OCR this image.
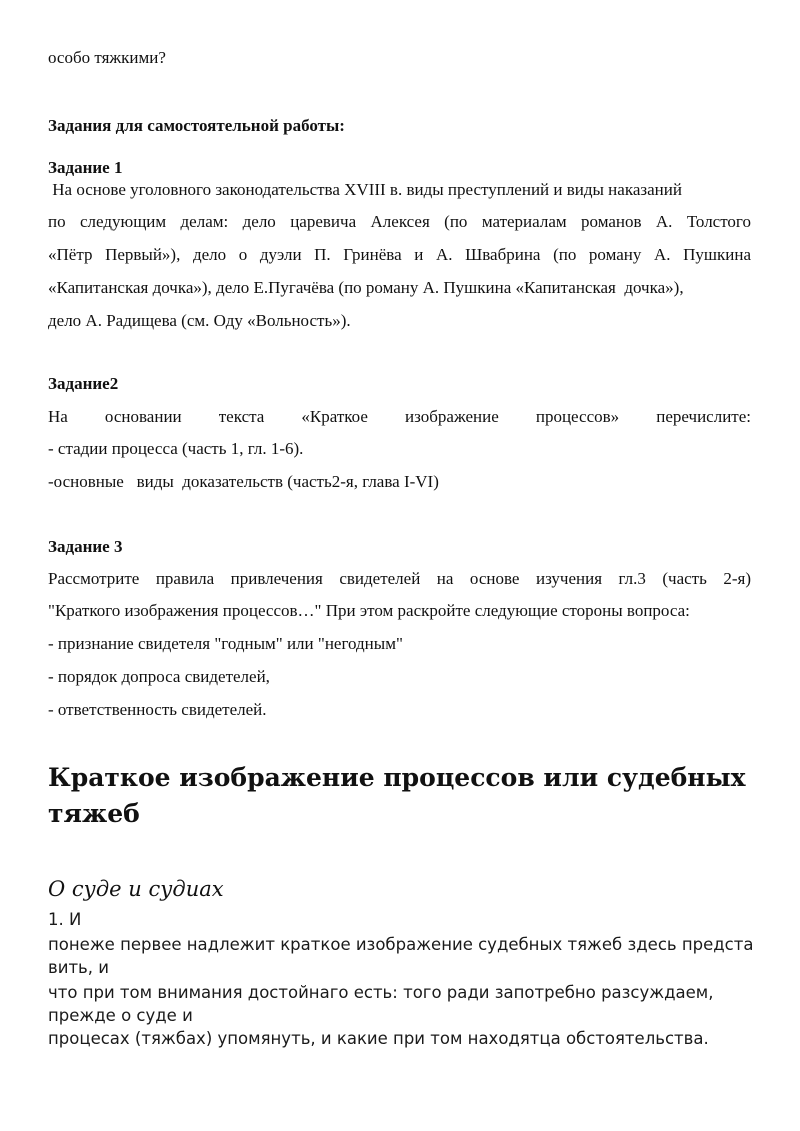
особо тяжкими?
Задания для самостоятельной работы:
Задание 1
На основе уголовного законодательства XVIII в. виды преступлений и виды наказаний
по следующим делам: дело царевича Алексея (по материалам романов А. Толстого
«Пётр Первый»), дело о дуэли П. Гринёва и А. Швабрина (по роману А. Пушкина
«Капитанская дочка»), дело Е.Пугачёва (по роману А. Пушкина «Капитанская  дочка»),
дело А. Радищева (см. Оду «Вольность»).
Задание2
На основании текста «Краткое изображение процессов» перечислите:
- стадии процесса (часть 1, гл. 1-6).
-основные   виды  доказательств (часть2-я, глава I-VI)
Задание 3
Рассмотрите правила привлечения свидетелей на основе изучения гл.3 (часть 2-я)
"Краткого изображения процессов…" При этом раскройте следующие стороны вопроса:
- признание свидетеля "годным" или "негодным"
- порядок допроса свидетелей,
- ответственность свидетелей.
Краткое изображение процессов или судебных тяжеб
О суде и судиах
1. И
понеже первее надлежит краткое изображение судебных тяжеб здесь предста
вить, и
что при том внимания достойнаго есть: того ради запотребно разсуждаем,
прежде о суде и
процесах (тяжбах) упомянуть, и какие при том находятца обстоятельства.
